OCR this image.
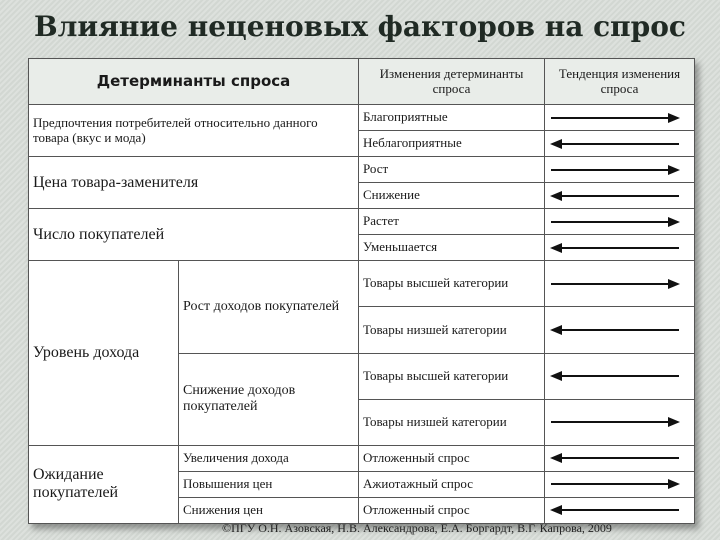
Влияние неценовых факторов на спрос
Детерминанты спроса		Изменения детерминанты спроса	Тенденция изменения спроса
Предпочтения потребителей относительно данного товара (вкус и мода)		Благоприятные	

		Неблагоприятные	

Цена товара-заменителя		Рост	

		Снижение	

Число покупателей		Растет	

		Уменьшается	

Уровень дохода	Рост доходов покупателей	Товары высшей категории	

		Товары низшей категории	

	Снижение доходов покупателей	Товары высшей категории	

		Товары низшей категории	

Ожидание покупателей	Увеличения дохода	Отложенный спрос	

	Повышения цен	Ажиотажный спрос	

	Снижения цен	Отложенный спрос	
©ПГУ О.Н. Азовская, Н.В. Александрова, Е.А. Боргардт, В.Г. Капрова, 2009
